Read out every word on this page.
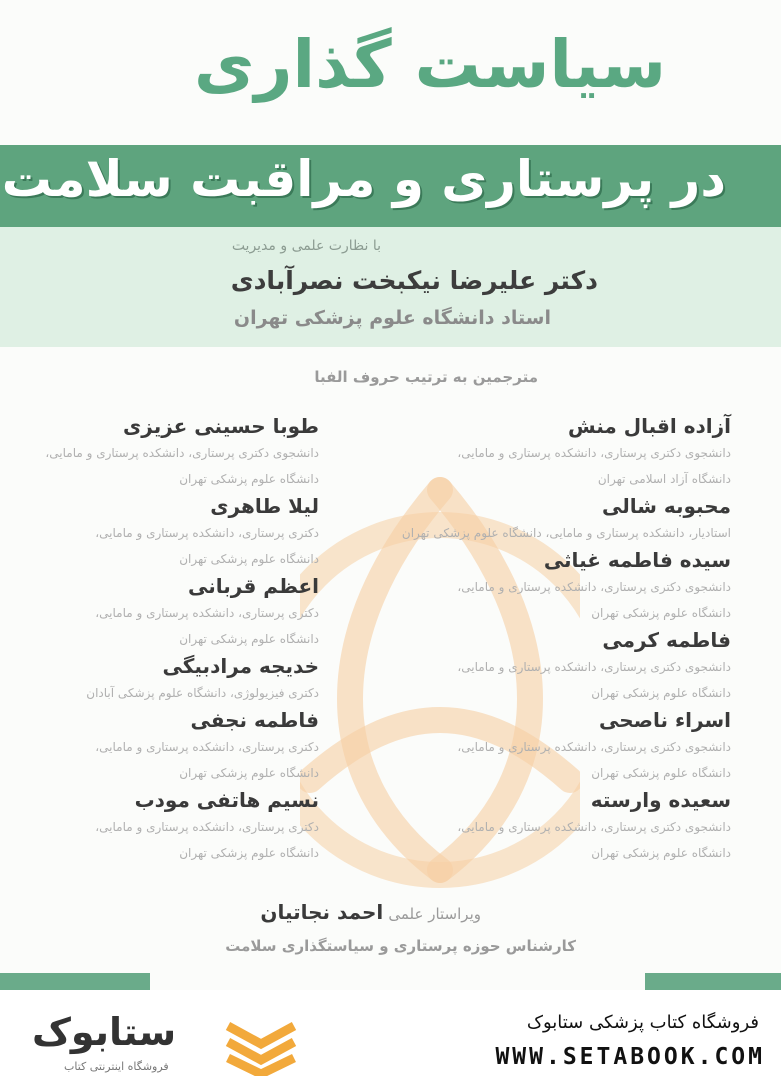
سیاست گذاری
در پرستاری و مراقبت سلامت
با نظارت علمی و مدیریت
دکتر علیرضا نیکبخت نصرآبادی
استاد دانشگاه علوم پزشکی تهران
مترجمین به ترتیب حروف الفبا
آزاده اقبال منش
دانشجوی دکتری پرستاری، دانشکده پرستاری و مامایی،
دانشگاه آزاد اسلامی تهران
محبوبه شالی
استادیار، دانشکده پرستاری و مامایی، دانشگاه علوم پزشکی تهران
سیده فاطمه غیاثی
دانشجوی دکتری پرستاری، دانشکده پرستاری و مامایی،
دانشگاه علوم پزشکی تهران
فاطمه کرمی
دانشجوی دکتری پرستاری، دانشکده پرستاری و مامایی،
دانشگاه علوم پزشکی تهران
اسراء ناصحی
دانشجوی دکتری پرستاری، دانشکده پرستاری و مامایی،
دانشگاه علوم پزشکی تهران
سعیده وارسته
دانشجوی دکتری پرستاری، دانشکده پرستاری و مامایی،
دانشگاه علوم پزشکی تهران
طوبا حسینی عزیزی
دانشجوی دکتری پرستاری، دانشکده پرستاری و مامایی،
دانشگاه علوم پزشکی تهران
لیلا طاهری
دکتری پرستاری، دانشکده پرستاری و مامایی،
دانشگاه علوم پزشکی تهران
اعظم قربانی
دکتری پرستاری، دانشکده پرستاری و مامایی،
دانشگاه علوم پزشکی تهران
خدیجه مرادبیگی
دکتری فیزیولوژی، دانشگاه علوم پزشکی آبادان
فاطمه نجفی
دکتری پرستاری، دانشکده پرستاری و مامایی،
دانشگاه علوم پزشکی تهران
نسیم هاتفی مودب
دکتری پرستاری، دانشکده پرستاری و مامایی،
دانشگاه علوم پزشکی تهران
ویراستار علمی احمد نجاتیان
کارشناس حوزه پرستاری و سیاستگذاری سلامت
ستابوک
فروشگاه اینترنتی کتاب
فروشگاه کتاب پزشکی ستابوک
WWW.SETABOOK.COM
